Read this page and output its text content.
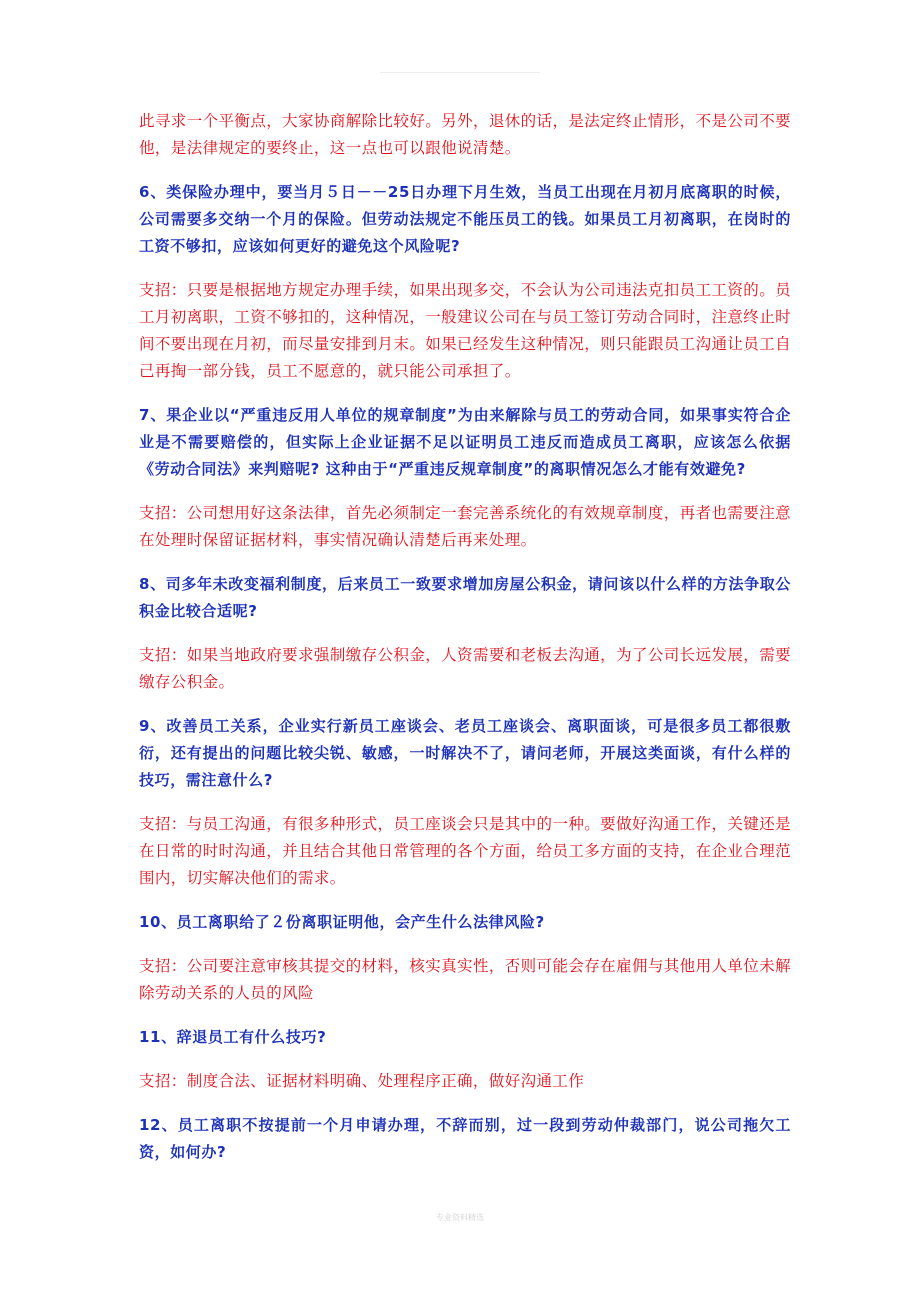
此寻求一个平衡点，大家协商解除比较好。另外，退休的话，是法定终止情形，不是公司不要他，是法律规定的要终止，这一点也可以跟他说清楚。

6、类保险办理中，要当月５日－－25日办理下月生效，当员工出现在月初月底离职的时候，公司需要多交纳一个月的保险。但劳动法规定不能压员工的钱。如果员工月初离职，在岗时的工资不够扣，应该如何更好的避免这个风险呢?

支招：只要是根据地方规定办理手续，如果出现多交，不会认为公司违法克扣员工工资的。员工月初离职，工资不够扣的，这种情况，一般建议公司在与员工签订劳动合同时，注意终止时间不要出现在月初，而尽量安排到月末。如果已经发生这种情况，则只能跟员工沟通让员工自己再掏一部分钱，员工不愿意的，就只能公司承担了。

7、果企业以“严重违反用人单位的规章制度”为由来解除与员工的劳动合同，如果事实符合企业是不需要赔偿的，但实际上企业证据不足以证明员工违反而造成员工离职，应该怎么依据《劳动合同法》来判赔呢? 这种由于“严重违反规章制度”的离职情况怎么才能有效避免?

支招：公司想用好这条法律，首先必须制定一套完善系统化的有效规章制度，再者也需要注意在处理时保留证据材料，事实情况确认清楚后再来处理。

8、司多年未改变福利制度，后来员工一致要求增加房屋公积金，请问该以什么样的方法争取公积金比较合适呢?

支招：如果当地政府要求强制缴存公积金，人资需要和老板去沟通，为了公司长远发展，需要缴存公积金。

9、改善员工关系，企业实行新员工座谈会、老员工座谈会、离职面谈，可是很多员工都很敷衍，还有提出的问题比较尖锐、敏感，一时解决不了，请问老师，开展这类面谈，有什么样的技巧，需注意什么?

支招：与员工沟通，有很多种形式，员工座谈会只是其中的一种。要做好沟通工作，关键还是在日常的时时沟通，并且结合其他日常管理的各个方面，给员工多方面的支持，在企业合理范围内，切实解决他们的需求。

10、员工离职给了２份离职证明他，会产生什么法律风险?

支招：公司要注意审核其提交的材料，核实真实性，否则可能会存在雇佣与其他用人单位未解除劳动关系的人员的风险

11、辞退员工有什么技巧?

支招：制度合法、证据材料明确、处理程序正确，做好沟通工作

12、员工离职不按提前一个月申请办理，不辞而别，过一段到劳动仲裁部门，说公司拖欠工资，如何办?

专业资料精选
